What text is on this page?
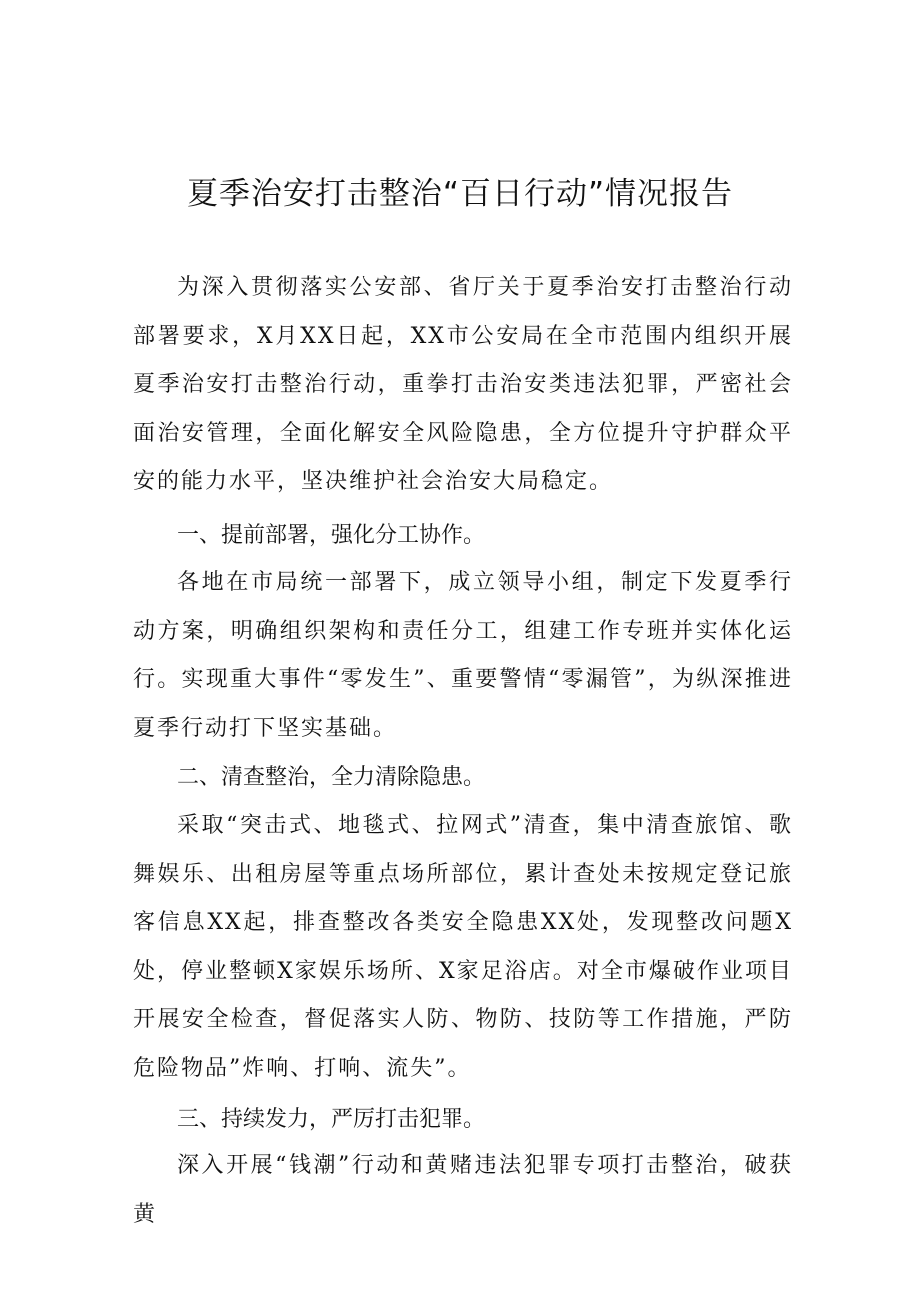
夏季治安打击整治“百日行动”情况报告

为深入贯彻落实公安部、省厅关于夏季治安打击整治行动部署要求，X月XX日起，XX市公安局在全市范围内组织开展夏季治安打击整治行动，重拳打击治安类违法犯罪，严密社会面治安管理，全面化解安全风险隐患，全方位提升守护群众平安的能力水平，坚决维护社会治安大局稳定。

一、提前部署，强化分工协作。

各地在市局统一部署下，成立领导小组，制定下发夏季行动方案，明确组织架构和责任分工，组建工作专班并实体化运行。实现重大事件“零发生”、重要警情“零漏管”，为纵深推进夏季行动打下坚实基础。

二、清查整治，全力清除隐患。

采取“突击式、地毯式、拉网式”清查，集中清查旅馆、歌舞娱乐、出租房屋等重点场所部位，累计查处未按规定登记旅客信息XX起，排查整改各类安全隐患XX处，发现整改问题X处，停业整顿X家娱乐场所、X家足浴店。对全市爆破作业项目开展安全检查，督促落实人防、物防、技防等工作措施，严防危险物品”炸响、打响、流失”。

三、持续发力，严厉打击犯罪。

深入开展“钱潮”行动和黄赌违法犯罪专项打击整治，破获黄
